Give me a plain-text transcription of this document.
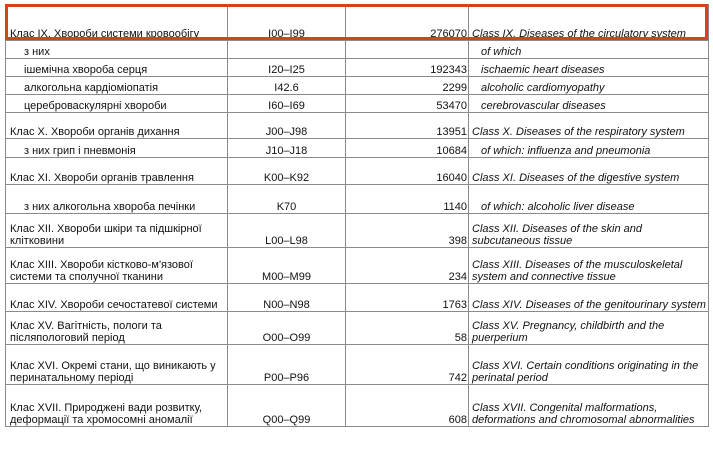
Клас IX. Хвороби системи кровообігу	I00–I99	276070	Class IX. Diseases of the circulatory system
з них			of which
ішемічна хвороба серця	I20–I25	192343	ischaemic heart diseases
алкогольна кардіоміопатія	I42.6	2299	alcoholic cardiomyopathy
цереброваскулярні хвороби	I60–I69	53470	cerebrovascular diseases
Клас X. Хвороби органів дихання	J00–J98	13951	Class X. Diseases of the respiratory system
з них грип і пневмонія	J10–J18	10684	of which: influenza and pneumonia
Клас XI. Хвороби органів травлення	K00–K92	16040	Class XI. Diseases of the digestive system
з них алкогольна хвороба печінки	K70	1140	of which: alcoholic liver disease
Клас XII. Хвороби шкіри та підшкірної клітковини	L00–L98	398	Class XII. Diseases of the skin and subcutaneous tissue
Клас XIII. Хвороби кістково-м'язової системи та сполучної тканини	M00–M99	234	Class XIII. Diseases of the musculoskeletal system and connective tissue
Клас XIV. Хвороби сечостатевої системи	N00–N98	1763	Class XIV. Diseases of the genitourinary system
Клас XV. Вагітність, пологи та післяпологовий період	O00–O99	58	Class XV. Pregnancy, childbirth and the puerperium
Клас XVI. Окремі стани, що виникають у перинатальному періоді	P00–P96	742	Class XVI. Certain conditions originating in the perinatal period
Клас XVII. Природжені вади розвитку, деформації та хромосомні аномалії	Q00–Q99	608	Class XVII. Congenital malformations, deformations and chromosomal abnormalities
